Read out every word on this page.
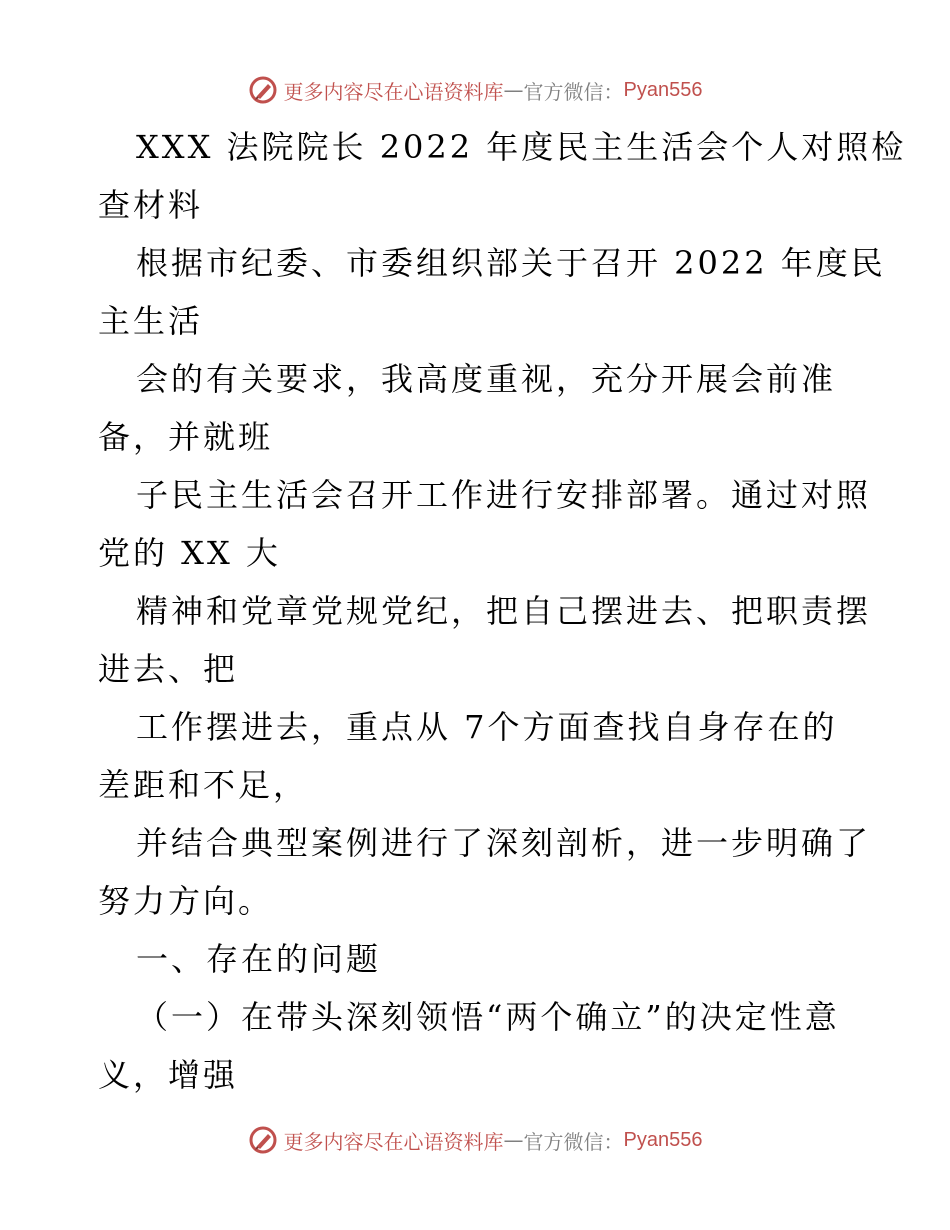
更多内容尽在心语资料库 — 官方微信： Pyan556
XXX 法院院长 2022 年度民主生活会个人对照检
查材料
根据市纪委、市委组织部关于召开 2022 年度民
主生活
会的有关要求，我高度重视，充分开展会前准
备，并就班
子民主生活会召开工作进行安排部署。通过对照
党的 XX 大
精神和党章党规党纪，把自己摆进去、把职责摆
进去、把
工作摆进去，重点从 7个方面查找自身存在的
差距和不足，
并结合典型案例进行了深刻剖析，进一步明确了
努力方向。
一、存在的问题
（一）在带头深刻领悟“两个确立”的决定性意
义，增强
更多内容尽在心语资料库 — 官方微信： Pyan556
